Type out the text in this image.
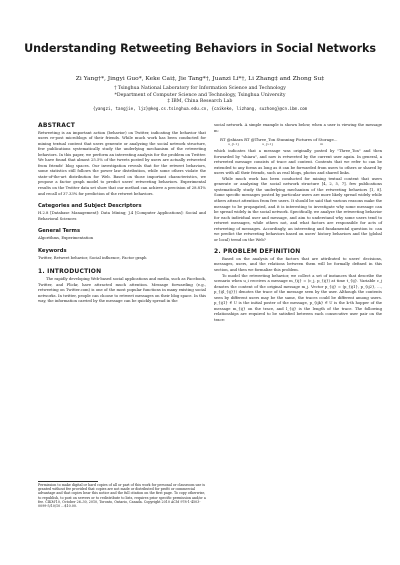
Understanding Retweeting Behaviors in Social Networks
Zi Yang†*, Jingyi Guo*, Keke Cai‡, Jie Tang*†, Juanzi Li*†, Li Zhang‡ and Zhong Su‡
† Tsinghua National Laboratory for Information Science and Technology
*Department of Computer Science and Technology, Tsinghua University
‡ IBM, China Research Lab
{yangzi, tangjie, ljz}@keg.cs.tsinghua.edu.cn, {caikeke, lizhang, suzhong}@cn.ibm.com
ABSTRACT

Retweeting is an important action (behavior) on Twitter, indicating the behavior that users re-post microblogs of their friends. While much work has been conducted for mining textual content that users generate or analyzing the social network structure, few publications systematically study the underlying mechanism of the retweeting behaviors. In this paper, we perform an interesting analysis for the problem on Twitter. We have found that almost 25.5% of the tweets posted by users are actually retweeted from friends' blog spaces. Our investigation reveals that for the retweet behaviors, some statistics still follows the power law distribution, while some others violate the state-of-the-art distribution for Web. Based on those important characteristics, we propose a factor graph model to predict users' retweeting behaviors. Experimental results on the Twitter data set show that our method can achieve a precision of 28.81% and recall of 37.33% for prediction of the retweet behaviors.

Categories and Subject Descriptors

H.2.8 [Database Management]: Data Mining; J.4 [Computer Applications]: Social and Behavioral Sciences

General Terms

Algorithms, Experimentation

Keywords

Twitter, Retweet behavior, Social influence, Factor graph

1. INTRODUCTION

The rapidly developing Web-based social applications and media, such as Facebook, Twitter, and Flickr, have attracted much attention. Message forwarding (e.g., retweeting on Twitter.com) is one of the most popular functions in many existing social networks. In twitter, people can choose to retweet messages on their blog space. In this way, the information carried by the message can be quickly spread in the

Permission to make digital or hard copies of all or part of this work for personal or classroom use is granted without fee provided that copies are not made or distributed for profit or commercial advantage and that copies bear this notice and the full citation on the first page. To copy otherwise, to republish, to post on servers or to redistribute to lists, requires prior specific permission and/or a fee. CIKM'10, October 26–30, 2010, Toronto, Ontario, Canada. Copyright 2010 ACM 978-1-4503-0099-5/10/10 ...$10.00.

social network. A simple example is shown below, when a user is viewing the message m:

RT @shiara RT @Three_Ton Stunning Pictures of Storage...
u_{i-1}	u_{i-1}	m

which indicates that a message was originally posted by "Three_Ton" and then forwarded by "shiara", and now is retweeted by the current user again. In general, a retweeted message consists of trace and content. Contents that we refer to can be extended to any forms as long as it can be forwarded from users to others or shared by users with all their friends, such as real blogs, photos and shared links.

While much work has been conducted for mining textual content that users generate or analyzing the social network structure [4, 2, 5, 7], few publications systematically study the underlying mechanism of the retweeting behaviors [1, 8]. Some specific messages posted by particular users are more likely spread widely while others attract attention from few users. It should be said that various reasons make the message to be propagated, and it is interesting to investigate why some message can be spread widely in the social network. Specifically, we analyze the retweeting behavior for each individual user and message, and aim to understand why some users tend to retweet messages, while others not, and what factors are responsible for acts of retweeting of messages. Accordingly, an interesting and fundamental question is: can we predict the retweeting behaviors based on users' history behaviors and the (global or local) trend on the Web?

2. PROBLEM DEFINITION

Based on the analysis of the factors that are attributed to users' decisions, messages, users, and the relations between them will be formally defined in this section, and then we formalize this problem.

To model the retweeting behavior, we collect a set of instances that describe the scenario when u_i receives a message m_{ij} = (c_j, p_{ij}) at time t_{ij}. Variable c_j denotes the content of the original message m_j. Vector p_{ij} = (p_{ij1}, p_{ij2}, ..., p_{ijl_{ij}}) denotes the trace of the message seen by the user. Although the contents seen by different users may be the same, the traces could be different among users. p_{ij1} ∈ U is the initial poster of the message, p_{ijk} ∈ U is the k-th hopper of the message m_{ij} on the trace, and l_{ij} is the length of the trace. The following relationships are required to be satisfied between each consecutive user pair on the trace:
